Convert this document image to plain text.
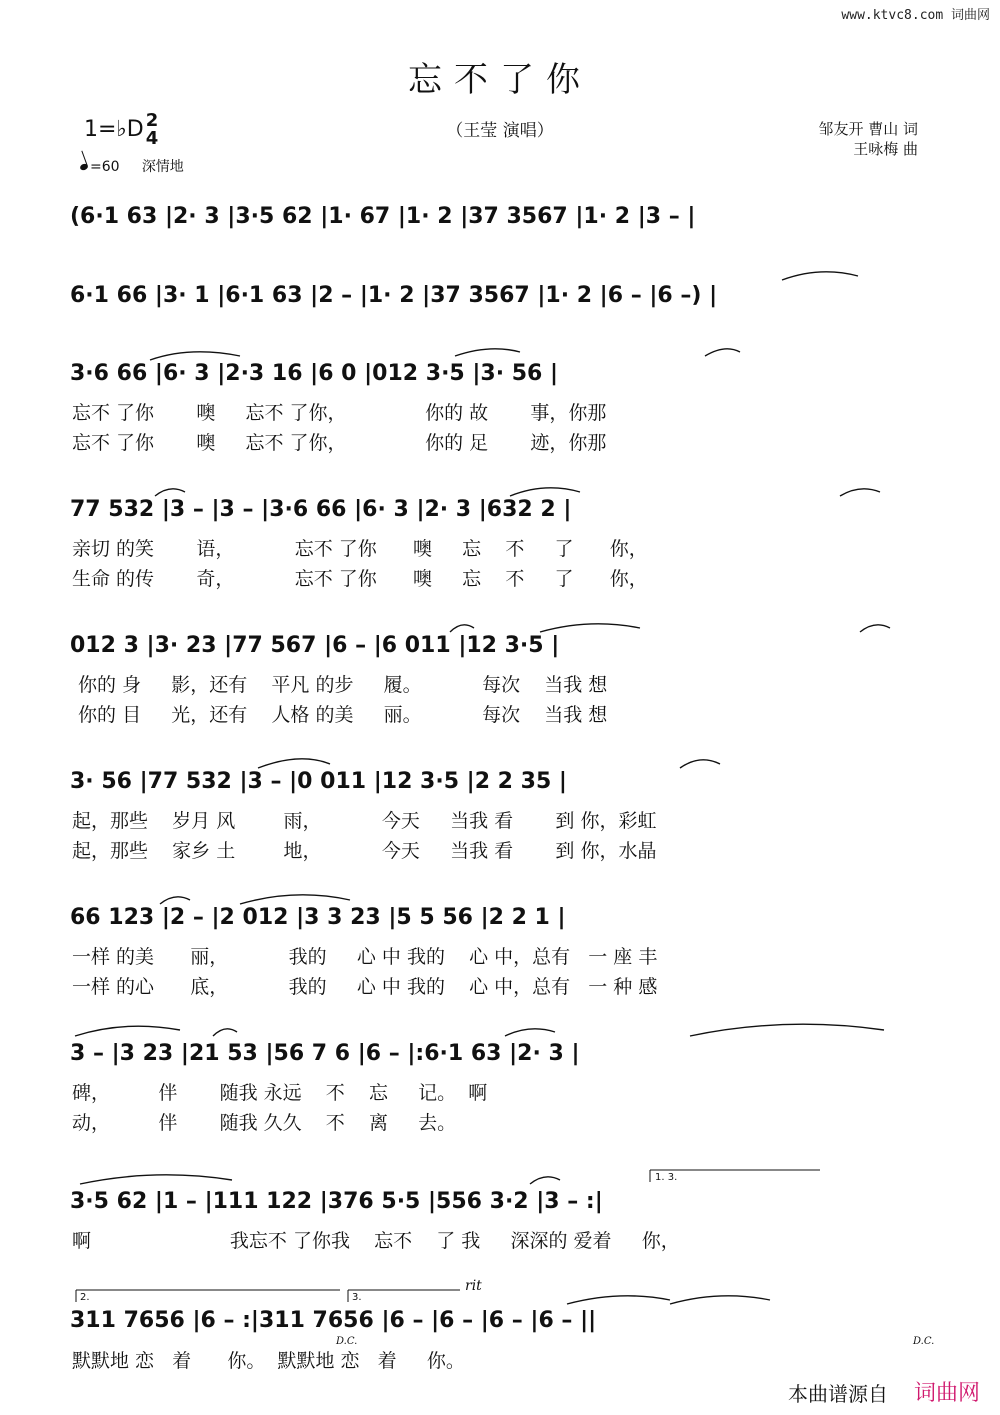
www.ktvc8.com 词曲网
忘不了你
1=♭D 2
4	（王莹 演唱）	邹友开 曹山 词
王咏梅 曲
=60 深情地
(6·1 63 |2· 3 |3·5 62 |1· 67 |1· 2 |37 3567 |1· 2 |3 – |
6·1 66 |3· 1 |6·1 63 |2 – |1· 2 |37 3567 |1· 2 |6 – |6 –) |
3·6 66 |6· 3 |2·3 16 |6 0 |012 3·5 |3· 56 |
忘不 了你       噢     忘不 了你，             你的 故       事，你那
忘不 了你       噢     忘不 了你，             你的 足       迹，你那
77 532 |3 – |3 – |3·6 66 |6· 3 |2· 3 |632 2 |
亲切 的笑       语，          忘不 了你      噢     忘    不     了      你，
生命 的传       奇，          忘不 了你      噢     忘    不     了      你，
012 3 |3· 23 |77 567 |6 – |6 011 |12 3·5 |
你的 身     影，还有    平凡 的步     履。          每次    当我 想
你的 目     光，还有    人格 的美     丽。          每次    当我 想
3· 56 |77 532 |3 – |0 011 |12 3·5 |2 2 35 |
起，那些    岁月 风        雨，          今天     当我 看       到 你，彩虹
起，那些    家乡 土        地，          今天     当我 看       到 你，水晶
66 123 |2 – |2 012 |3 3 23 |5 5 56 |2 2 1 |
一样 的美      丽，          我的     心 中 我的    心 中，总有   一 座 丰
一样 的心      底，          我的     心 中 我的    心 中，总有   一 种 感
3 – |3 23 |21 53 |56 7 6 |6 – |:6·1 63 |2· 3 |
碑，        伴       随我 永远    不    忘     记。  啊
动，        伴       随我 久久    不    离     去。
1. 3.
3·5 62 |1 – |111 122 |376 5·5 |556 3·2 |3 – :|
啊                       我忘不 了你我    忘不    了 我     深深的 爱着     你，
2.	3.
rit
311 7656 |6 – :|311 7656 |6 – |6 – |6 – |6 – ||
D.C.	D.C.
默默地 恋   着      你。  默默地 恋   着     你。
本曲谱源自 词曲网
